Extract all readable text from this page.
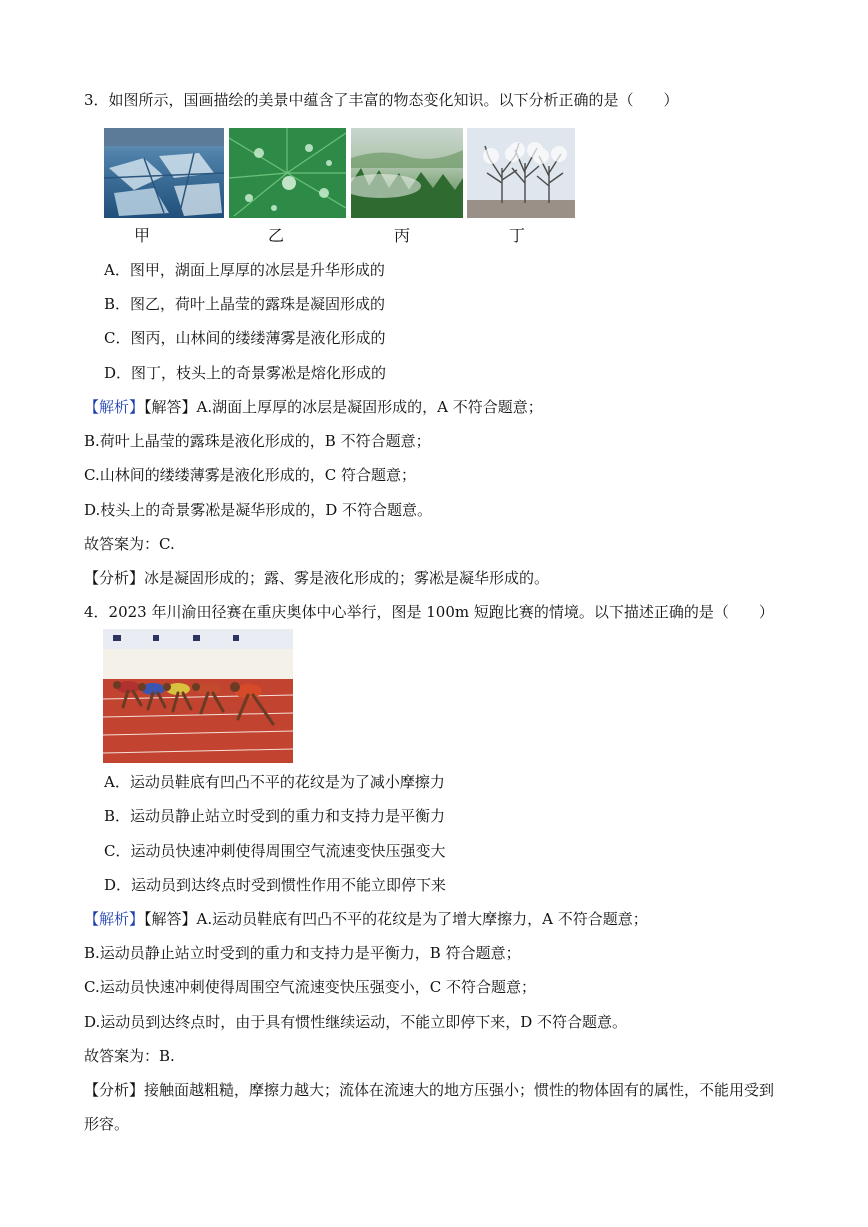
3．如图所示，国画描绘的美景中蕴含了丰富的物态变化知识。以下分析正确的是（　　）
甲	乙	丙	丁
A．图甲，湖面上厚厚的冰层是升华形成的
B．图乙，荷叶上晶莹的露珠是凝固形成的
C．图丙，山林间的缕缕薄雾是液化形成的
D．图丁，枝头上的奇景雾凇是熔化形成的
【解析】【解答】A.湖面上厚厚的冰层是凝固形成的，A 不符合题意；
B.荷叶上晶莹的露珠是液化形成的，B 不符合题意；
C.山林间的缕缕薄雾是液化形成的，C 符合题意；
D.枝头上的奇景雾凇是凝华形成的，D 不符合题意。
故答案为：C.
【分析】冰是凝固形成的；露、雾是液化形成的；雾凇是凝华形成的。
4．2023 年川渝田径赛在重庆奥体中心举行，图是 100m 短跑比赛的情境。以下描述正确的是（　　）
A．运动员鞋底有凹凸不平的花纹是为了减小摩擦力
B．运动员静止站立时受到的重力和支持力是平衡力
C．运动员快速冲刺使得周围空气流速变快压强变大
D．运动员到达终点时受到惯性作用不能立即停下来
【解析】【解答】A.运动员鞋底有凹凸不平的花纹是为了增大摩擦力，A 不符合题意；
B.运动员静止站立时受到的重力和支持力是平衡力，B 符合题意；
C.运动员快速冲刺使得周围空气流速变快压强变小，C 不符合题意；
D.运动员到达终点时，由于具有惯性继续运动，不能立即停下来，D 不符合题意。
故答案为：B.
【分析】接触面越粗糙，摩擦力越大；流体在流速大的地方压强小；惯性的物体固有的属性，不能用受到
形容。
